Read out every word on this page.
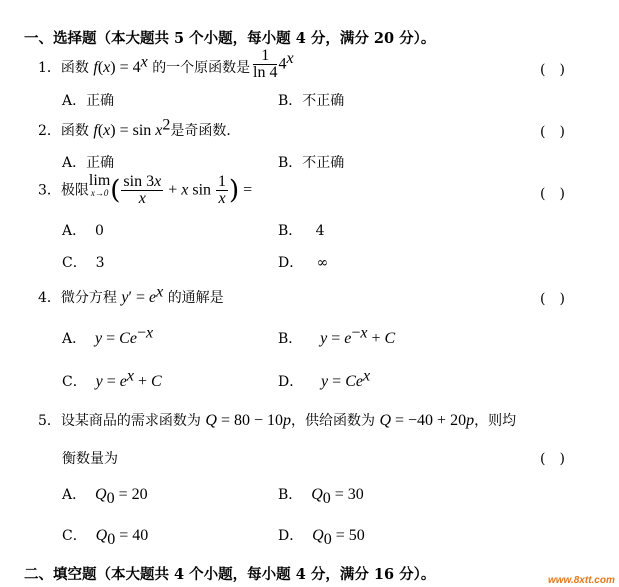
一、选择题（本大题共 5 个小题，每小题 4 分，满分 20 分）。
1．函数 $f(x) = 4^x$ 的一个原函数是 $\frac{1}{\ln 4} 4^x$
(　)
A．正确	B．不正确
2．函数 $f(x) = \sin x^2$是奇函数．	(　)
A．正确	B．不正确
3．极限lim
x→0 ( $\frac{\sin 3x}{x} + x$ $\sin \frac{1}{x}$ ) =	(　)
A． 0	B． 4
C． 3	D． ∞
4．微分方程 $y' = e^x$ 的通解是	(　)
A． $y = Ce^{-x}$	B． $y = e^{-x} + C$
C． $y = e^x + C$	D． $y = Ce^x$
5．设某商品的需求函数为 Q = 80 − 10p，供给函数为 Q = −40 + 20p，则均
衡数量为	(　)
A． $Q_0 = 20$	B． $Q_0 = 30$
C． $Q_0 = 40$	D． $Q_0 = 50$
二、填空题（本大题共 4 个小题，每小题 4 分，满分 16 分）。	www.8xtt.com
